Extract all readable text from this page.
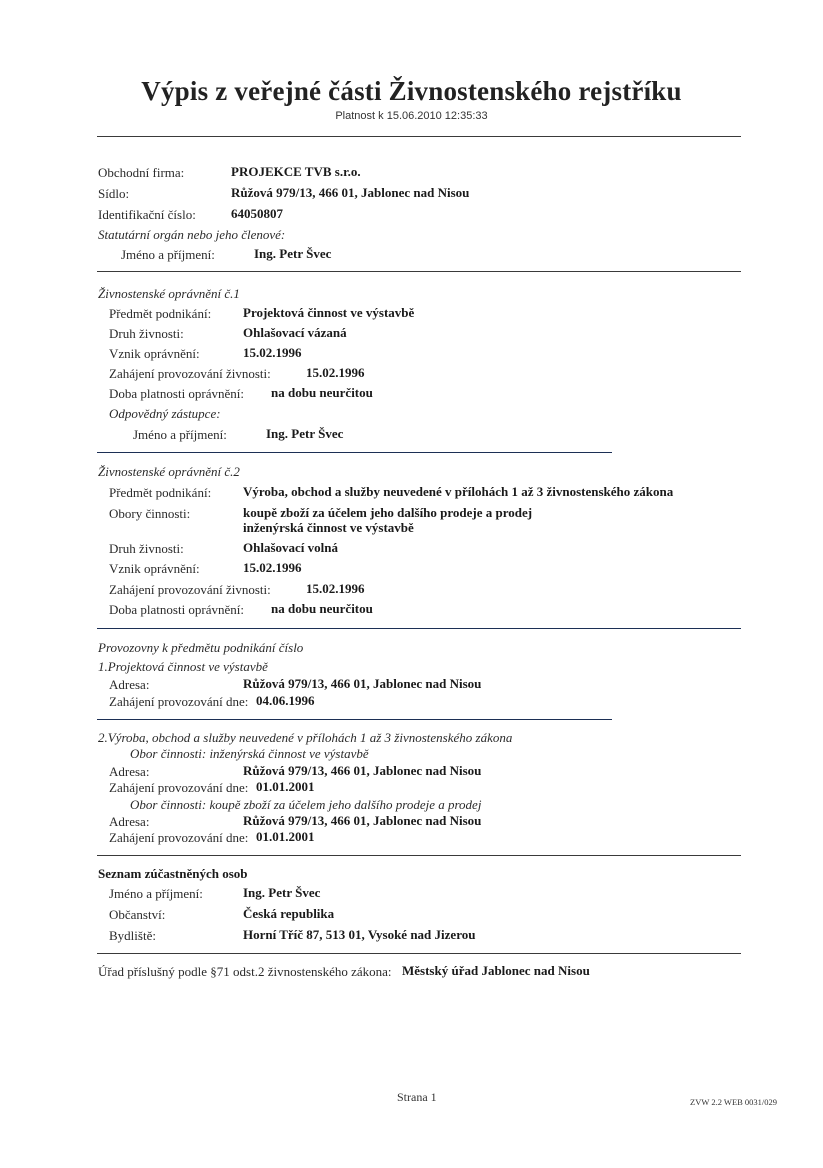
Výpis z veřejné části Živnostenského rejstříku
Platnost k 15.06.2010 12:35:33
Obchodní firma:	PROJEKCE TVB s.r.o.
Sídlo:	Růžová 979/13, 466 01, Jablonec nad Nisou
Identifikační číslo:	64050807
Statutární orgán nebo jeho členové:
Jméno a příjmení:	Ing. Petr Švec
Živnostenské oprávnění č.1
Předmět podnikání: Projektová činnost ve výstavbě
Druh živnosti:	Ohlašovací vázaná
Vznik oprávnění:	15.02.1996
Zahájení provozování živnosti:	15.02.1996
Doba platnosti oprávnění: na dobu neurčitou
Odpovědný zástupce:
Jméno a příjmení:	Ing. Petr Švec
Živnostenské oprávnění č.2
Předmět podnikání: Výroba, obchod a služby neuvedené v přílohách 1 až 3 živnostenského zákona
Obory činnosti:	koupě zboží za účelem jeho dalšího prodeje a prodej
inženýrská činnost ve výstavbě
Druh živnosti:	Ohlašovací volná
Vznik oprávnění:	15.02.1996
Zahájení provozování živnosti:	15.02.1996
Doba platnosti oprávnění: na dobu neurčitou
Provozovny k předmětu podnikání číslo
1.Projektová činnost ve výstavbě
Adresa:	Růžová 979/13, 466 01, Jablonec nad Nisou
Zahájení provozování dne: 04.06.1996
2.Výroba, obchod a služby neuvedené v přílohách 1 až 3 živnostenského zákona
Obor činnosti: inženýrská činnost ve výstavbě
Adresa:	Růžová 979/13, 466 01, Jablonec nad Nisou
Zahájení provozování dne: 01.01.2001
Obor činnosti: koupě zboží za účelem jeho dalšího prodeje a prodej
Adresa:	Růžová 979/13, 466 01, Jablonec nad Nisou
Zahájení provozování dne: 01.01.2001
Seznam zúčastněných osob
Jméno a příjmení:	Ing. Petr Švec
Občanství:	Česká republika
Bydliště:	Horní Tříč 87, 513 01, Vysoké nad Jizerou
Úřad příslušný podle §71 odst.2 živnostenského zákona: Městský úřad Jablonec nad Nisou
Strana 1	ZVW 2.2 WEB 0031/029
